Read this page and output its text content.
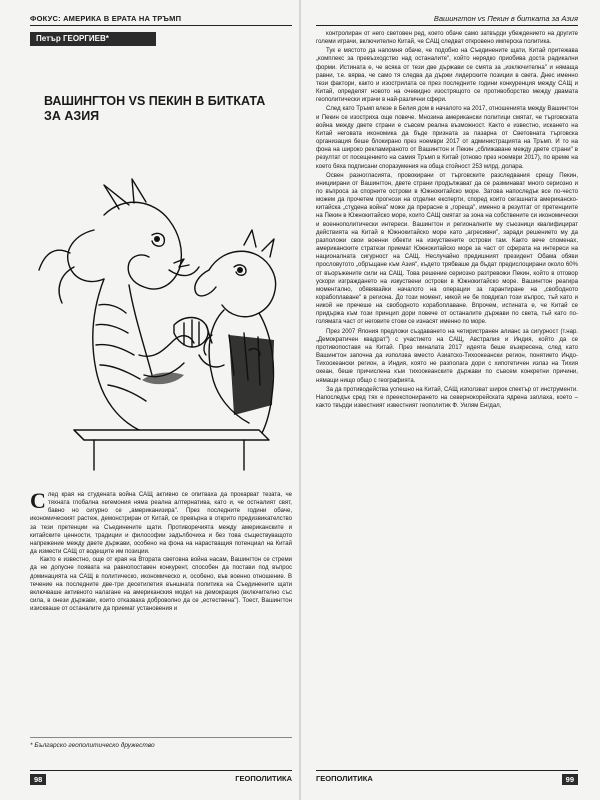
ФОКУС: АМЕРИКА В ЕРАТА НА ТРЪМП
Петър ГЕОРГИЕВ*
ВАШИНГТОН VS ПЕКИН В БИТКАТА ЗА АЗИЯ

След края на студената война САЩ активно се опитваха да прокарват тезата, че тяхната глобална хегемония няма реална алтернатива, като и, че остналият свят, бавно но сигурно се „американизира". През последните години обаче, икономическият растеж, демонстриран от Китай, се превърна в открито предизвикателство за тези претенции на Съединените щати. Противоречията между американските и китайските ценности, традиции и философии задълбочиха и без това съществуващото напрежение между двете държави, особено на фона на нарастващия потенциал на Китай да измести САЩ от водещите им позиции.

Както е известно, още от края на Втората световна война насам, Вашингтон се стреми да не допусне появата на равнопоставен конкурент, способен да постави под въпрос доминацията на САЩ в политическо, икономическо и, особено, във военно отношение. В течение на последните две-три десетилетия външната политика на Съединените щати включваше активното налагане на американския модел на демокрация (включително със сила, в онези държави, които отказваха доброволно да се „естествена"). Тоест, Вашингтон изискваше от останалите да приемат установения и

* Българско геополитическо дружество
98	ГЕОПОЛИТИКА
Вашингтон vs Пекин в битката за Азия

контролиран от него световен ред, което обаче само затвърди убеждението на другите големи играчи, включително Китай, че САЩ следват откровено имперска политика.

Тук е мястото да напомня обаче, че подобно на Съединените щати, Китай притежава „комплекс за превъзходство над останалите", който нерядко приобива доста радикални форми. Истината е, че всяка от тези две държави се смята за „изключителна" и нямаща равни, т.е. вярва, че само тя следва да държи лидерските позиции в света. Днес именно тези фактори, както и изострилата се през последните години конкуренция между САЩ и Китай, определят новото на очевидно изострящото се противоборство между двамата геополитически играчи в най-различни сфери.

След като Тръмп влезе в Белия дом в началото на 2017, отношенията между Вашингтон и Пекин се изостриха още повече. Мнозина американски политици смятат, че търговската война между двете страни е съвсем реална възможност. Както е известно, искането на Китай неговата икономика да бъде призната за пазарна от Световната търговска организация беше блокирано през ноември 2017 от администрацията на Тръмп. И то на фона на широко рекламираното от Вашингтон и Пекин „сближаване между двете страни" в резултат от посещението на самия Тръмп в Китай (отново през ноември 2017), по време на което бяха подписани споразумения на обща стойност 253 млрд. долара.

Освен разногласията, провокирани от търговските разследвания срещу Пекин, инициирани от Вашингтон, двете страни продължават да се разминават много сериозно и по въпроса за спорните острови в Южнокитайско море. Затова напоследък все по-често можем да прочетем прогнози на отделни експерти, според които сегашната американско-китайска „студена война" може да прерасне в „гореща", именно в резултат от претенциите на Пекин в Южнокитайско море, които САЩ смятат за зона на собствените си икономически и военнополитически интереси. Вашингтон и регионалните му съюзници квалифицират действията на Китай в Южнокитайско море като „агресивни", заради решението му да разположи свои военни обекти на изкуствените острови там. Както вече споменах, американските стратези приемат Южнокитайско море за част от сферата на интереси на националната сигурност на САЩ. Неслучайно предишният президент Обама обяви прословутото „обръщане към Азия", където трябваше да бъдат предислоцирани около 60% от въоръжените сили на САЩ. Това решение сериозно разтревожи Пекин, който в отговор ускори изграждането на изкуствени острови в Южнокитайско море. Вашингтон реагира моментално, обявявайки началото на операции за гарантиране на „свободното корабоплаване" в региона. До този момент, никой не бе повдигал този въпрос, тъй като и никой не пречеше на свободното корабоплаване. Впрочем, истината е, че Китай се придържа към този принцип дори повече от останалите държави по света, тъй като по-голямата част от неговите стоки се изнасят именно по море.

През 2007 Япония предложи създаването на четиристранен алианс за сигурност (т.нар. „Демократичен квадрат") с участието на САЩ, Австралия и Индия, който да се противопоставя на Китай. През миналата 2017 идеята беше възкресена, след като Вашингтон започна да използва вместо Азиатско-Тихоокеански регион, понятието Индо-Тихоокеански регион, а Индия, която не разполага дори с хипотетичен излаз на Тихия океан, беше причислена към тихоокеанските държави по съвсем конкретни причини, нямащи нищо общо с географията.

За да противодейства успешно на Китай, САЩ използват широк спектър от инструменти. Напоследък сред тях е преекспонирането на севернокорейската ядрена заплаха, което – както твърди известният известният геополитик Ф. Уилям Енгдал,

ГЕОПОЛИТИКА	99
